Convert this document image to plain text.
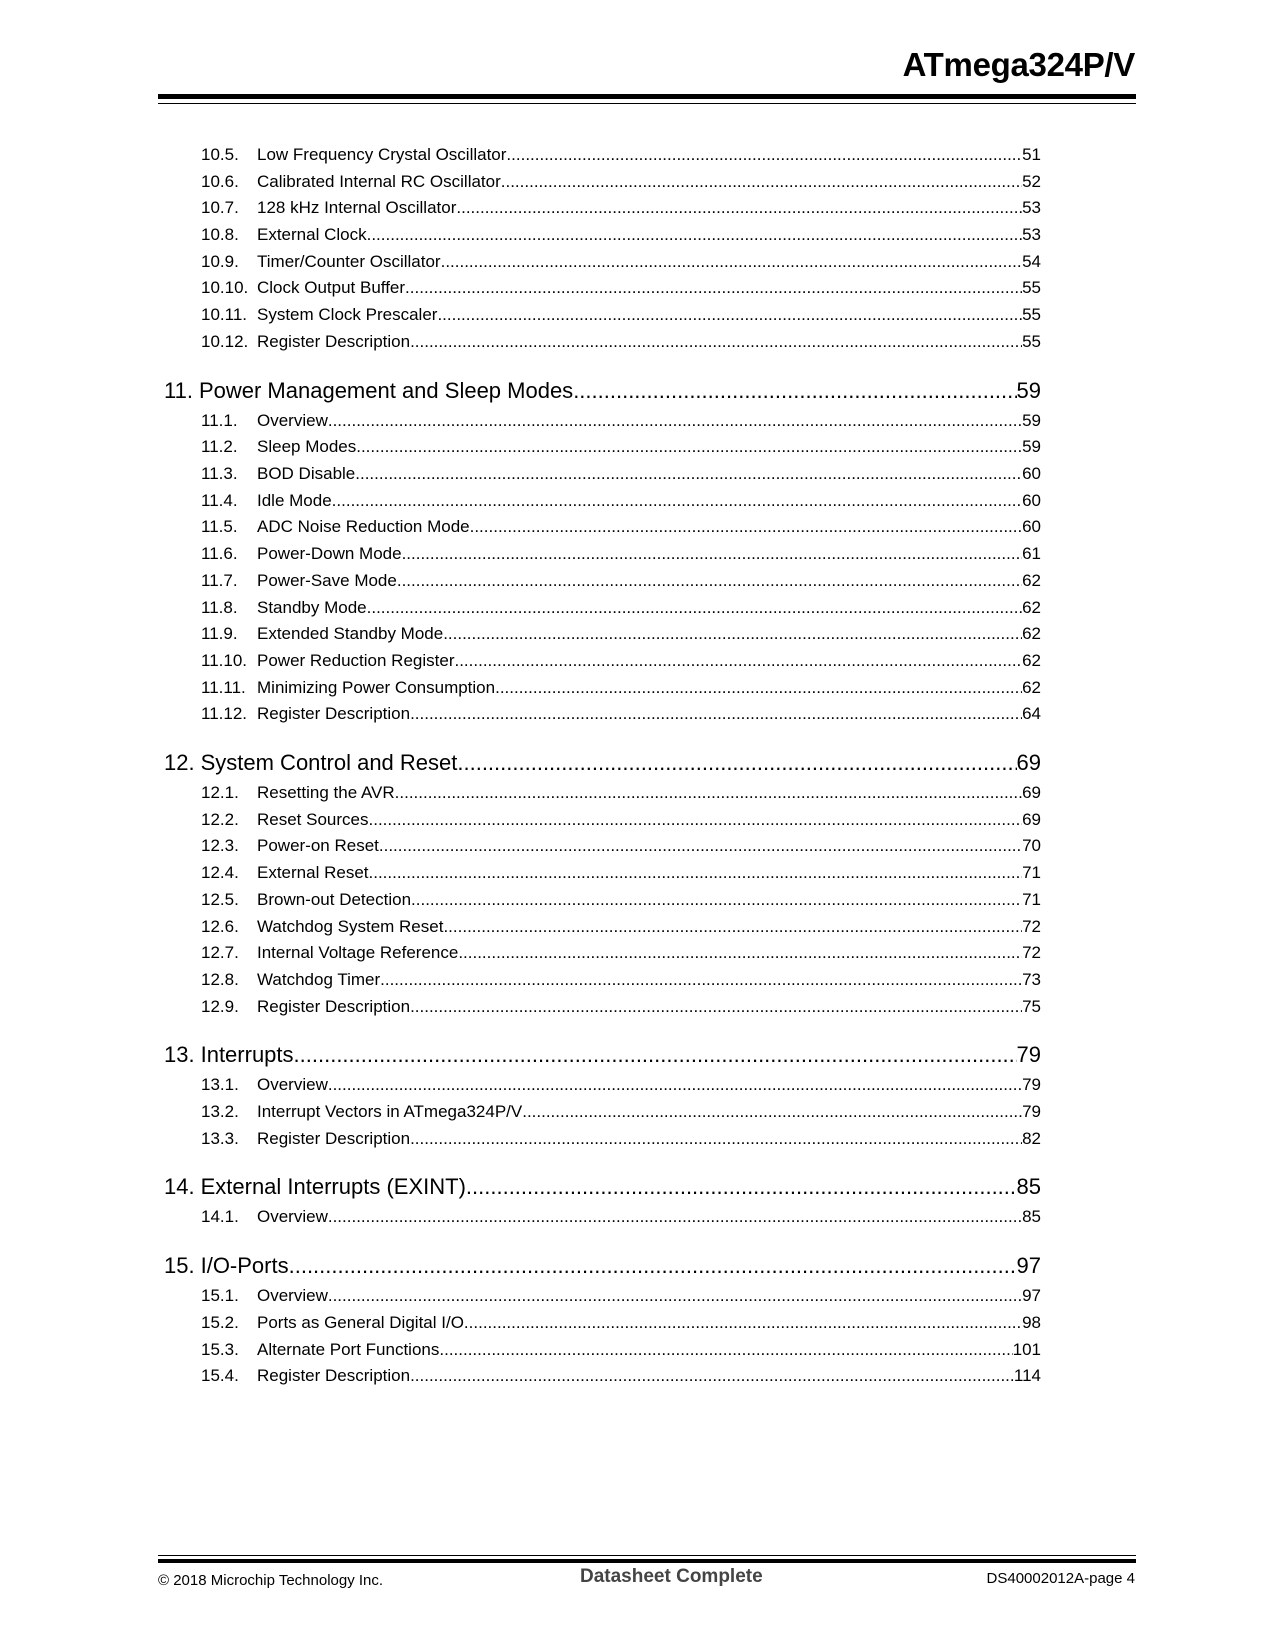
ATmega324P/V
10.5.	Low Frequency Crystal Oscillator .....	51
10.6.	Calibrated Internal RC Oscillator .....	52
10.7.	128 kHz Internal Oscillator .....	53
10.8.	External Clock .....	53
10.9.	Timer/Counter Oscillator .....	54
10.10. Clock Output Buffer .....	55
10.11. System Clock Prescaler .....	55
10.12. Register Description .....	55
11. Power Management and Sleep Modes .....	59
11.1.	Overview .....	59
11.2.	Sleep Modes .....	59
11.3.	BOD Disable .....	60
11.4.	Idle Mode .....	60
11.5.	ADC Noise Reduction Mode .....	60
11.6.	Power-Down Mode .....	61
11.7.	Power-Save Mode .....	62
11.8.	Standby Mode .....	62
11.9.	Extended Standby Mode .....	62
11.10. Power Reduction Register .....	62
11.11. Minimizing Power Consumption .....	62
11.12. Register Description .....	64
12. System Control and Reset .....	69
12.1.	Resetting the AVR .....	69
12.2.	Reset Sources .....	69
12.3.	Power-on Reset .....	70
12.4.	External Reset .....	71
12.5.	Brown-out Detection .....	71
12.6.	Watchdog System Reset .....	72
12.7.	Internal Voltage Reference .....	72
12.8.	Watchdog Timer .....	73
12.9.	Register Description .....	75
13. Interrupts .....	79
13.1.	Overview .....	79
13.2.	Interrupt Vectors in ATmega324P/V .....	79
13.3.	Register Description .....	82
14. External Interrupts (EXINT) .....	85
14.1.	Overview .....	85
15. I/O-Ports .....	97
15.1.	Overview .....	97
15.2.	Ports as General Digital I/O .....	98
15.3.	Alternate Port Functions .....	101
15.4.	Register Description .....	114
© 2018 Microchip Technology Inc.	Datasheet Complete	DS40002012A-page 4
